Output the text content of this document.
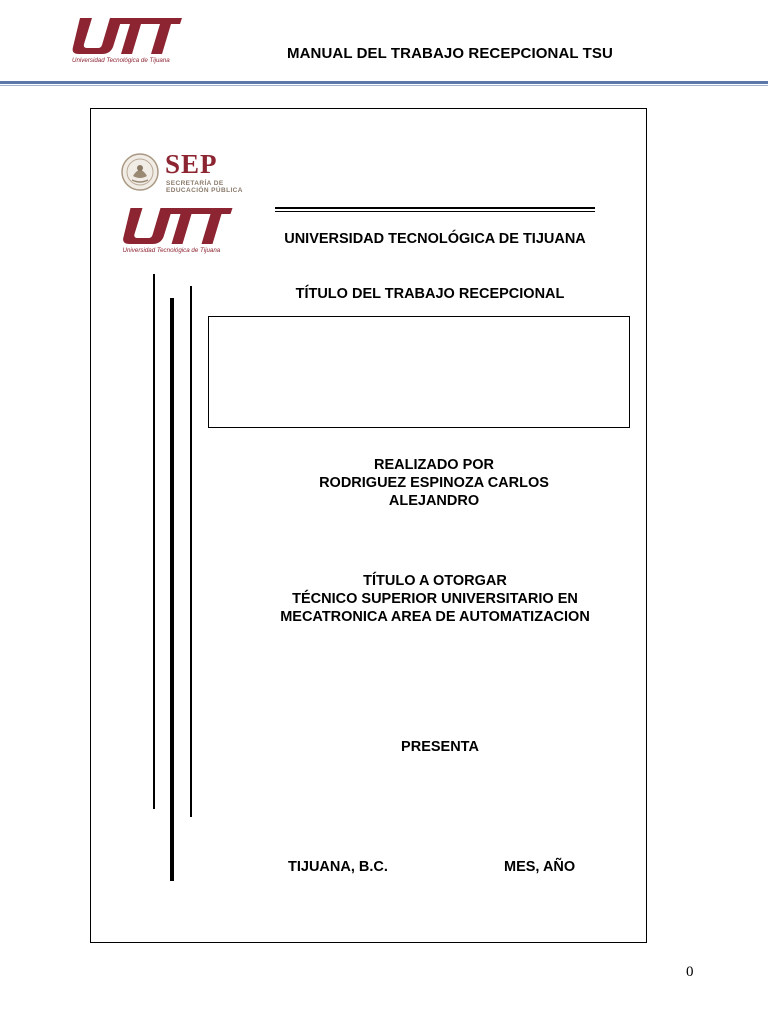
Universidad Tecnológica de Tijuana	MANUAL DEL TRABAJO RECEPCIONAL TSU
SEP
SECRETARÍA DE
EDUCACIÓN PÚBLICA
Universidad Tecnológica de Tijuana
UNIVERSIDAD TECNOLÓGICA DE TIJUANA
TÍTULO DEL TRABAJO RECEPCIONAL
REALIZADO POR
RODRIGUEZ ESPINOZA CARLOS
ALEJANDRO
TÍTULO A OTORGAR
TÉCNICO SUPERIOR UNIVERSITARIO EN
MECATRONICA AREA DE AUTOMATIZACION
PRESENTA
TIJUANA, B.C.	MES, AÑO
0
